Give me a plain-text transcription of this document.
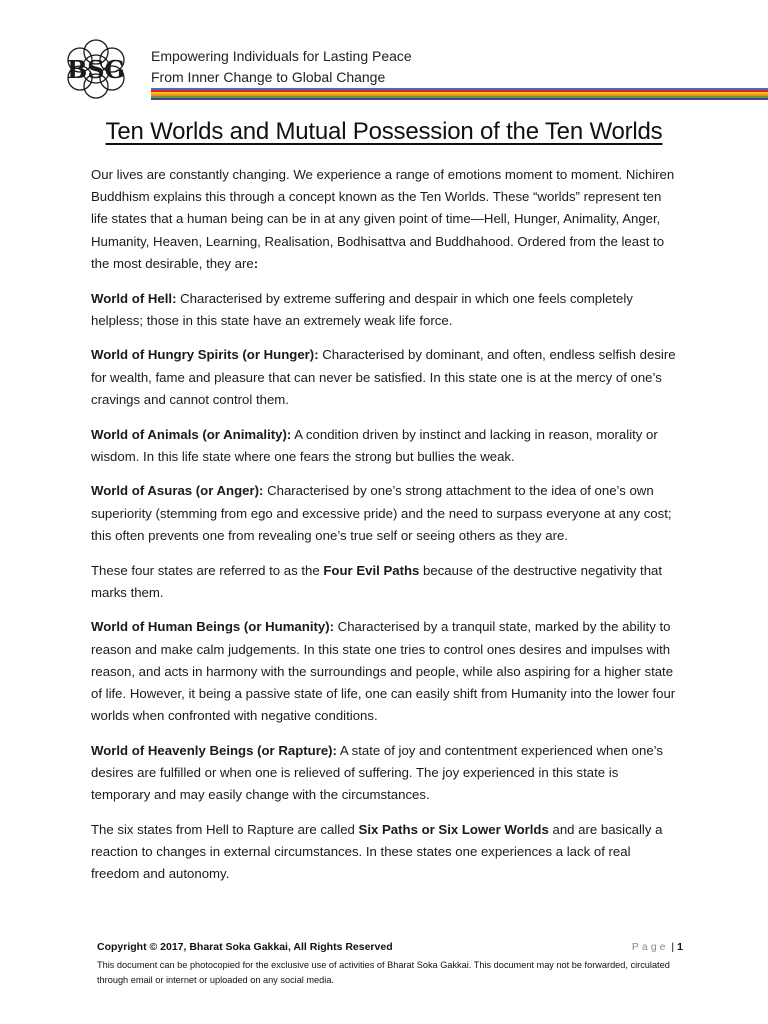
BSG Empowering Individuals for Lasting Peace
From Inner Change to Global Change
Ten Worlds and Mutual Possession of the Ten Worlds

Our lives are constantly changing. We experience a range of emotions moment to moment. Nichiren Buddhism explains this through a concept known as the Ten Worlds. These “worlds” represent ten life states that a human being can be in at any given point of time—Hell, Hunger, Animality, Anger, Humanity, Heaven, Learning, Realisation, Bodhisattva and Buddhahood. Ordered from the least to the most desirable, they are:

World of Hell: Characterised by extreme suffering and despair in which one feels completely helpless; those in this state have an extremely weak life force.

World of Hungry Spirits (or Hunger): Characterised by dominant, and often, endless selfish desire for wealth, fame and pleasure that can never be satisfied. In this state one is at the mercy of one’s cravings and cannot control them.

World of Animals (or Animality): A condition driven by instinct and lacking in reason, morality or wisdom. In this life state where one fears the strong but bullies the weak.

World of Asuras (or Anger): Characterised by one’s strong attachment to the idea of one’s own superiority (stemming from ego and excessive pride) and the need to surpass everyone at any cost; this often prevents one from revealing one’s true self or seeing others as they are.

These four states are referred to as the Four Evil Paths because of the destructive negativity that marks them.

World of Human Beings (or Humanity): Characterised by a tranquil state, marked by the ability to reason and make calm judgements. In this state one tries to control ones desires and impulses with reason, and acts in harmony with the surroundings and people, while also aspiring for a higher state of life. However, it being a passive state of life, one can easily shift from Humanity into the lower four worlds when confronted with negative conditions.

World of Heavenly Beings (or Rapture): A state of joy and contentment experienced when one’s desires are fulfilled or when one is relieved of suffering. The joy experienced in this state is temporary and may easily change with the circumstances.

The six states from Hell to Rapture are called Six Paths or Six Lower Worlds and are basically a reaction to changes in external circumstances. In these states one experiences a lack of real freedom and autonomy.

Copyright © 2017, Bharat Soka Gakkai, All Rights Reserved	Page | 1
This document can be photocopied for the exclusive use of activities of Bharat Soka Gakkai. This document may not be forwarded, circulated through email or internet or uploaded on any social media.
